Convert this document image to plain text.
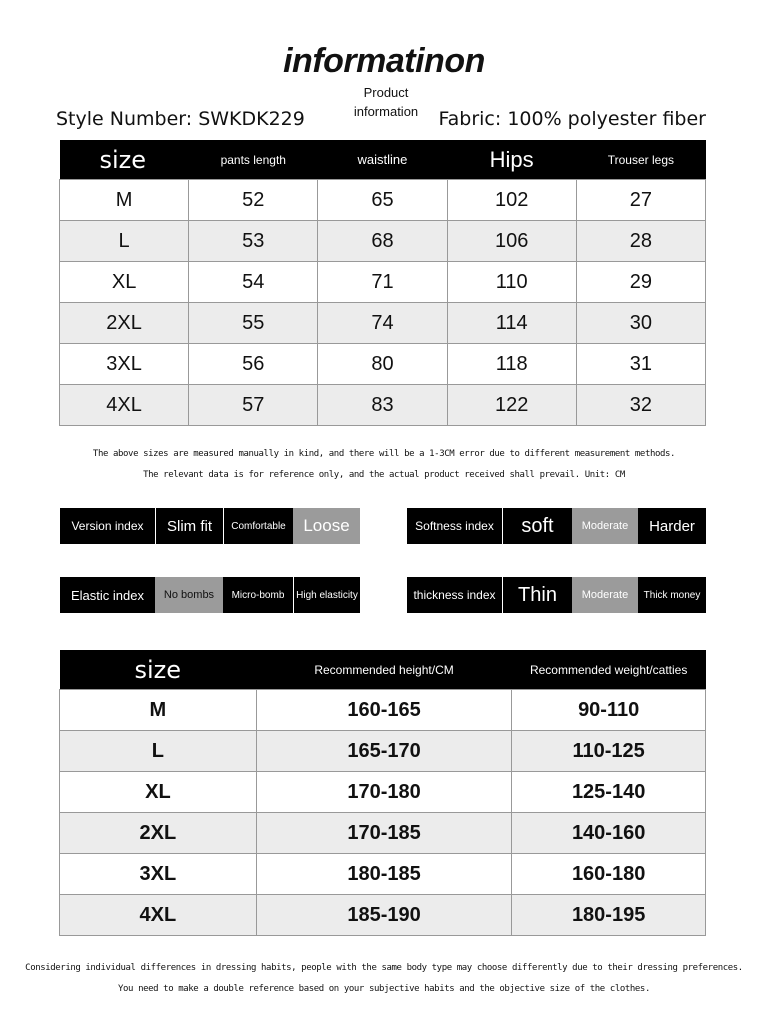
informatinon
Product
information
Style Number: SWKDK229	Fabric: 100% polyester fiber
size	pants length	waistline	Hips	Trouser legs
M	52	65	102	27
L	53	68	106	28
XL	54	71	110	29
2XL	55	74	114	30
3XL	56	80	118	31
4XL	57	83	122	32
The above sizes are measured manually in kind, and there will be a 1-3CM error due to different measurement methods.
The relevant data is for reference only, and the actual product received shall prevail. Unit: CM
Version index	Slim fit	Comfortable	Loose	Softness index	soft	Moderate	Harder
Elastic index	No bombs	Micro-bomb	High elasticity	thickness index	Thin	Moderate	Thick money
size	Recommended height/CM	Recommended weight/catties
M	160-165	90-110
L	165-170	110-125
XL	170-180	125-140
2XL	170-185	140-160
3XL	180-185	160-180
4XL	185-190	180-195
Considering individual differences in dressing habits, people with the same body type may choose differently due to their dressing preferences.
You need to make a double reference based on your subjective habits and the objective size of the clothes.
